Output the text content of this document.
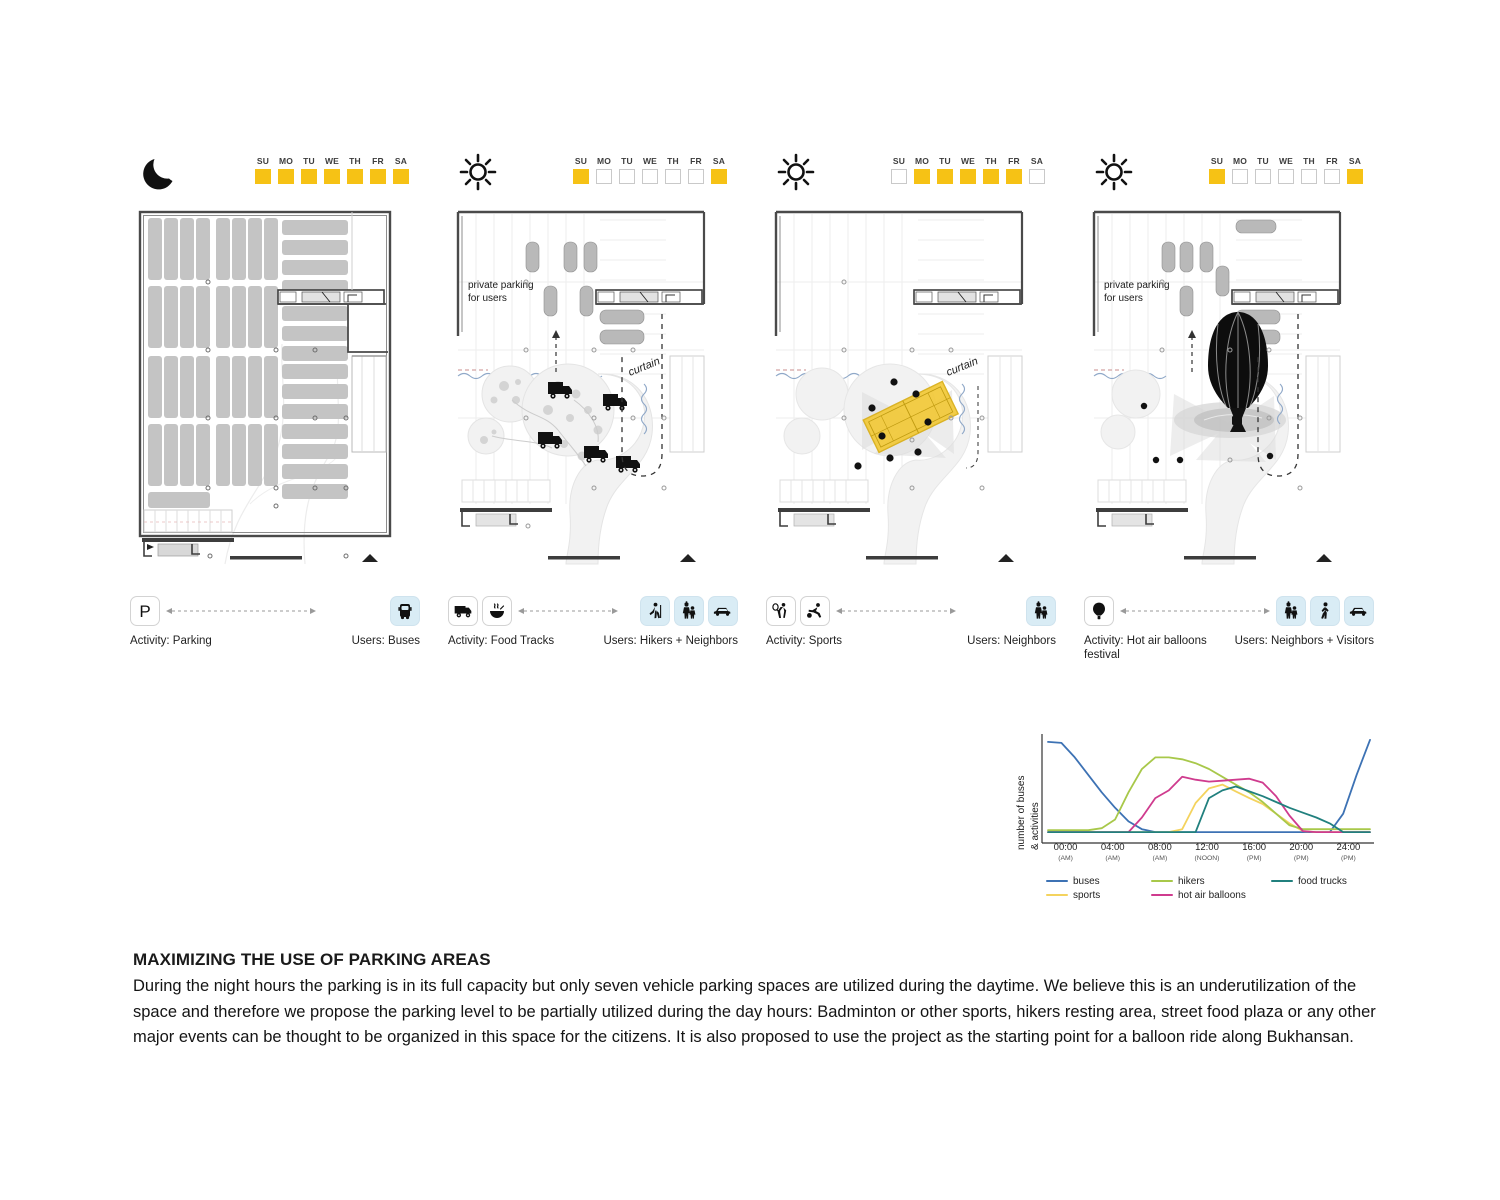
SU	MO	TU	WE	TH	FR	SA
P
Activity: Parking	Users: Buses
SU	MO	TU	WE	TH	FR	SA
private parking
for users
curtain
Activity: Food Tracks	Users: Hikers + Neighbors
SU	MO	TU	WE	TH	FR	SA
curtain
Activity: Sports	Users: Neighbors
SU	MO	TU	WE	TH	FR	SA
private parking
for users
Activity: Hot air balloons festival
Users: Neighbors + Visitors
number of buses & activities	00:00
(AM)
04:00
(AM)
08:00
(AM)
12:00
(NOON)
16:00
(PM)
20:00
(PM)
24:00
(PM)
buses	hikers	food trucks
sports	hot air balloons
MAXIMIZING THE USE OF PARKING AREAS

During the night hours the parking is in its full capacity but only seven vehicle parking spaces are utilized during the daytime. We believe this is an underutilization of the space and therefore we propose the parking level to be partially utilized during the day hours: Badminton or other sports, hikers resting area, street food plaza or any other major events can be thought to be organized in this space for the citizens. It is also proposed to use the project as the starting point for a balloon ride along Bukhansan.
